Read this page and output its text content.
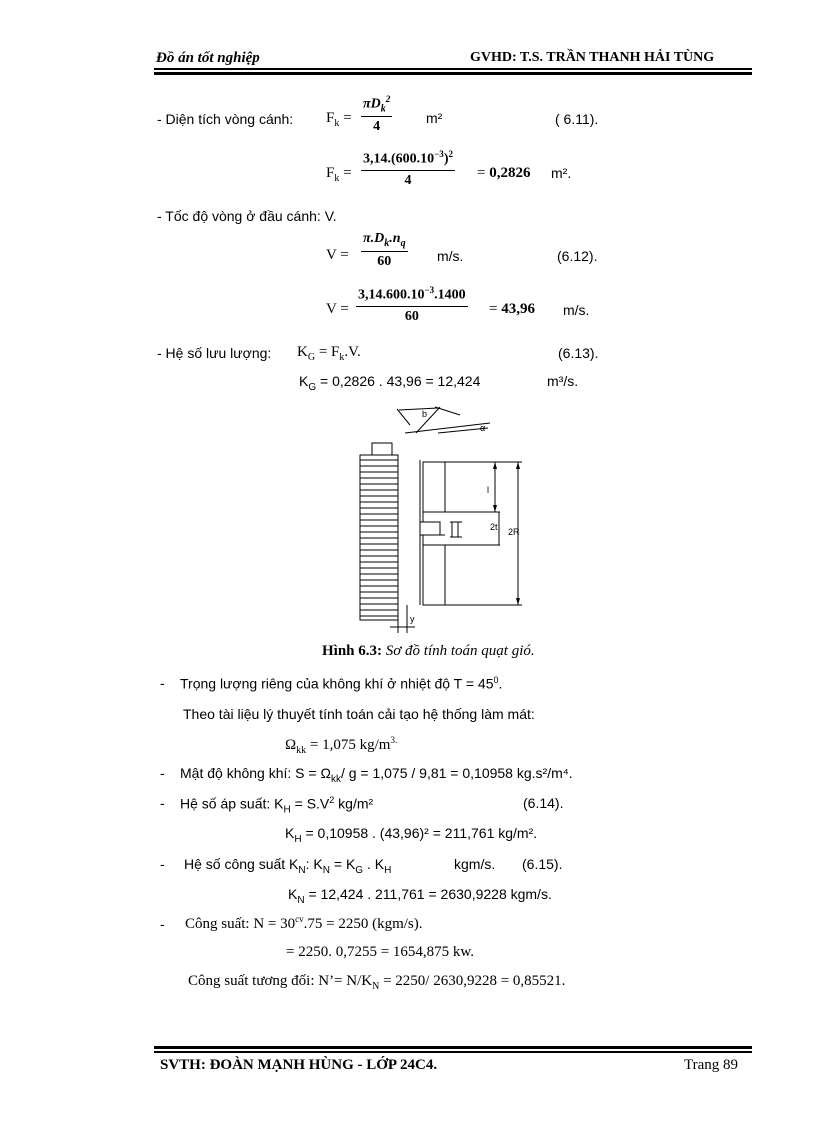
Đồ án tốt nghiệp	GVHD: T.S. TRẦN THANH HẢI TÙNG
- Diện tích vòng cánh: $F_k$ =
$\pi D_k^2$
4
m²	( 6.11).
$F_k$ =
$3,14.(600.10^{-3})^2$
4	= 0,2826 m².
- Tốc độ vòng ở đầu cánh: V.
V =
$\pi.D_k.n_q$
60	m/s.	(6.12).
V =
$3,14.600.10^{-3}.1400$
60	= 43,96 m/s.
- Hệ số lưu lượng: $K_G = F_k.V$.	(6.13).
$K_G = 0,2826$ . 43,96 = 12,424	m³/s.
b
α
l
2t 2R
y
Hình 6.3: Sơ đồ tính toán quạt gió.
- Trọng lượng riêng của không khí ở nhiệt độ $T = 45^0$.
Theo tài liệu lý thuyết tính toán cải tạo hệ thống làm mát:
$\Omega_{kk} = 1,075$ $kg/m^{3.}$
- Mật độ không khí: $S = \Omega_{kk}/$ g = 1,075 / 9,81 = 0,10958 kg.s²/m⁴.
- Hệ số áp suất: $K_H = S.V^2$ kg/m²	(6.14).
$K_H = 0,10958$ . (43,96)² = 211,761 kg/m².
- Hệ số công suất $K_N$: $K_N = K_G$ . $K_H$	kgm/s. (6.15).
$K_N = 12,424$ . 211,761 = 2630,9228 kgm/s.
- Công suất: $N = 30^{cv}.75 = 2250$ (kgm/s).
= 2250. 0,7255 = 1654,875 kw.
Công suất tương đối: N’= $N/K_N = 2250/$ 2630,9228 = 0,85521.
SVTH: ĐOÀN MẠNH HÙNG - LỚP 24C4.	Trang 89
